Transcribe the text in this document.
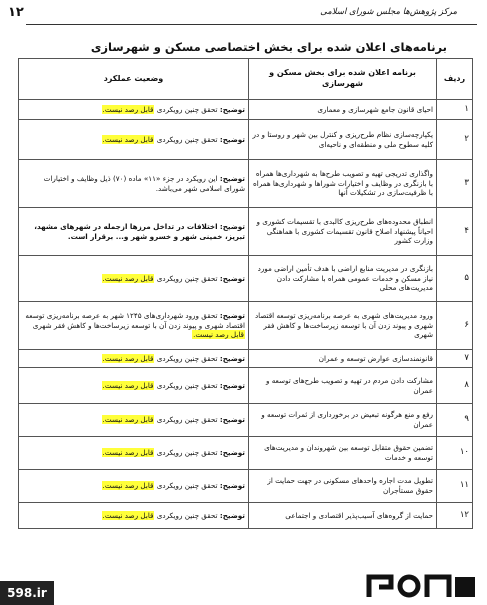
۱۲	مرکز پژوهش‌ها مجلس شورای اسلامی
برنامه‌های اعلان شده برای بخش اختصاصی مسکن و شهرسازی
ردیف	برنامه اعلان شده برای بخش مسکن و شهرسازی	وضعیت عملکرد
۱	احیای قانون جامع شهرسازی و معماری	توضیح: تحقق چنین رویکردی قابل رصد نیست.
۲	یکپارچه‌سازی نظام طرح‌ریزی و کنترل بین شهر و روستا و در کلیه سطوح ملی و منطقه‌ای و ناحیه‌ای	توضیح: تحقق چنین رویکردی قابل رصد نیست.
۳	واگذاری تدریجی تهیه و تصویب طرح‌ها به شهرداری‌ها همراه با بازنگری در وظایف و اختیارات شوراها و شهرداری‌ها همراه با ظرفیت‌سازی در تشکیلات آنها	توضیح: این رویکرد در جزء «۱۱» ماده (۷۰) ذیل وظایف و اختیارات شورای اسلامی شهر می‌باشد.
۴	انطباق محدوده‌های طرح‌ریزی کالبدی با تقسیمات کشوری و احیاناً پیشنهاد اصلاح قانون تقسیمات کشوری با هماهنگی وزارت کشور	توضیح: اختلافات در تداخل مرزها ازجمله در شهرهای مشهد، تبریز، خمینی شهر و خسرو شهر و... برقرار است.
۵	بازنگری در مدیریت منابع اراضی با هدف تأمین اراضی مورد نیاز مسکن و خدمات عمومی همراه با مشارکت دادن مدیریت‌های محلی	توضیح: تحقق چنین رویکردی قابل رصد نیست.
۶	ورود مدیریت‌های شهری به عرصه برنامه‌ریزی توسعه اقتصاد شهری و پیوند زدن آن با توسعه زیرساخت‌ها و کاهش فقر شهری	توضیح: تحقق ورود شهرداری‌های ۱۲۴۵ شهر به عرصه برنامه‌ریزی توسعه اقتصاد شهری و پیوند زدن آن با توسعه زیرساخت‌ها و کاهش فقر شهری قابل رصد نیست.
۷	قانونمندسازی عوارض توسعه و عمران	توضیح: تحقق چنین رویکردی قابل رصد نیست.
۸	مشارکت دادن مردم در تهیه و تصویب طرح‌های توسعه و عمران	توضیح: تحقق چنین رویکردی قابل رصد نیست.
۹	رفع و منع هرگونه تبعیض در برخورداری از ثمرات توسعه و عمران	توضیح: تحقق چنین رویکردی قابل رصد نیست.
۱۰	تضمین حقوق متقابل توسعه بین شهروندان و مدیریت‌های توسعه و خدمات	توضیح: تحقق چنین رویکردی قابل رصد نیست.
۱۱	تطویل مدت اجاره واحدهای مسکونی در جهت حمایت از حقوق مستأجران	توضیح: تحقق چنین رویکردی قابل رصد نیست.
۱۲	حمایت از گروه‌های آسیب‌پذیر اقتصادی و اجتماعی	توضیح: تحقق چنین رویکردی قابل رصد نیست.
598.ir
